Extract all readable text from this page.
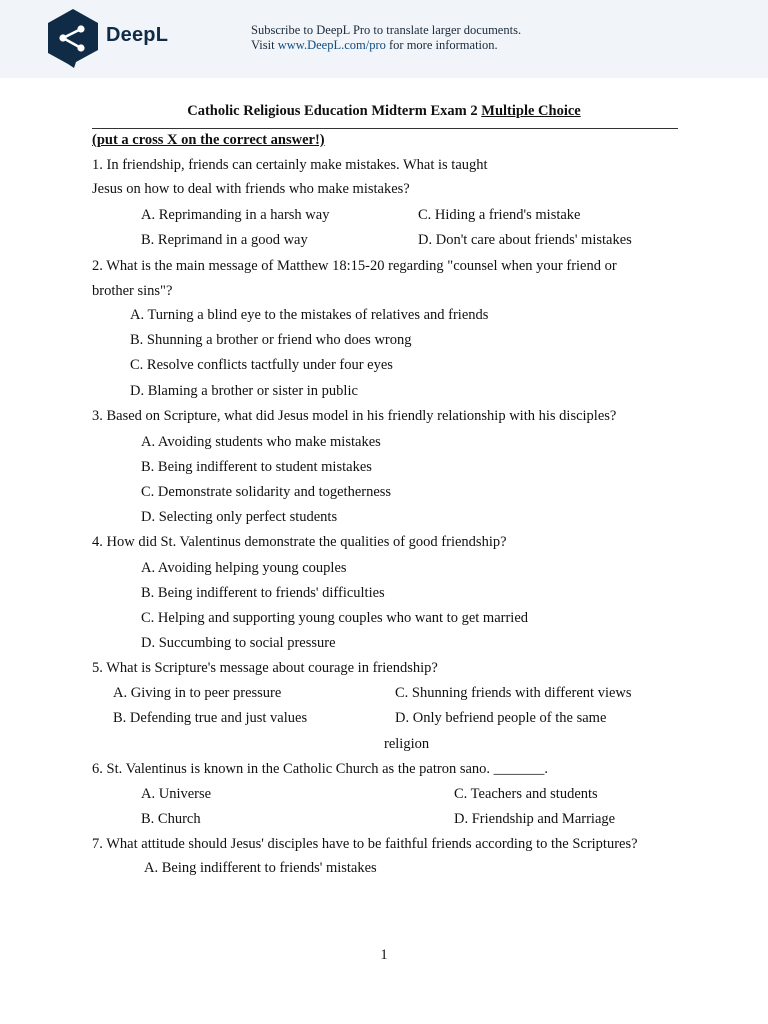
DeepL	Subscribe to DeepL Pro to translate larger documents.
Visit www.DeepL.com/pro for more information.
Catholic Religious Education Midterm Exam 2 Multiple Choice
(put a cross X on the correct answer!)
1. In friendship, friends can certainly make mistakes. What is taught
Jesus on how to deal with friends who make mistakes?
A. Reprimanding in a harsh way	C. Hiding a friend's mistake
B. Reprimand in a good way	D. Don't care about friends' mistakes
2. What is the main message of Matthew 18:15-20 regarding "counsel when your friend or
brother sins"?
A. Turning a blind eye to the mistakes of relatives and friends
B. Shunning a brother or friend who does wrong
C. Resolve conflicts tactfully under four eyes
D. Blaming a brother or sister in public
3. Based on Scripture, what did Jesus model in his friendly relationship with his disciples?
A. Avoiding students who make mistakes
B. Being indifferent to student mistakes
C. Demonstrate solidarity and togetherness
D. Selecting only perfect students
4. How did St. Valentinus demonstrate the qualities of good friendship?
A. Avoiding helping young couples
B. Being indifferent to friends' difficulties
C. Helping and supporting young couples who want to get married
D. Succumbing to social pressure
5. What is Scripture's message about courage in friendship?
A. Giving in to peer pressure	C. Shunning friends with different views
B. Defending true and just values	D. Only befriend people of the same
religion
6. St. Valentinus is known in the Catholic Church as the patron sano. _______.
A. Universe	C. Teachers and students
B. Church	D. Friendship and Marriage
7. What attitude should Jesus' disciples have to be faithful friends according to the Scriptures?
A. Being indifferent to friends' mistakes
1
